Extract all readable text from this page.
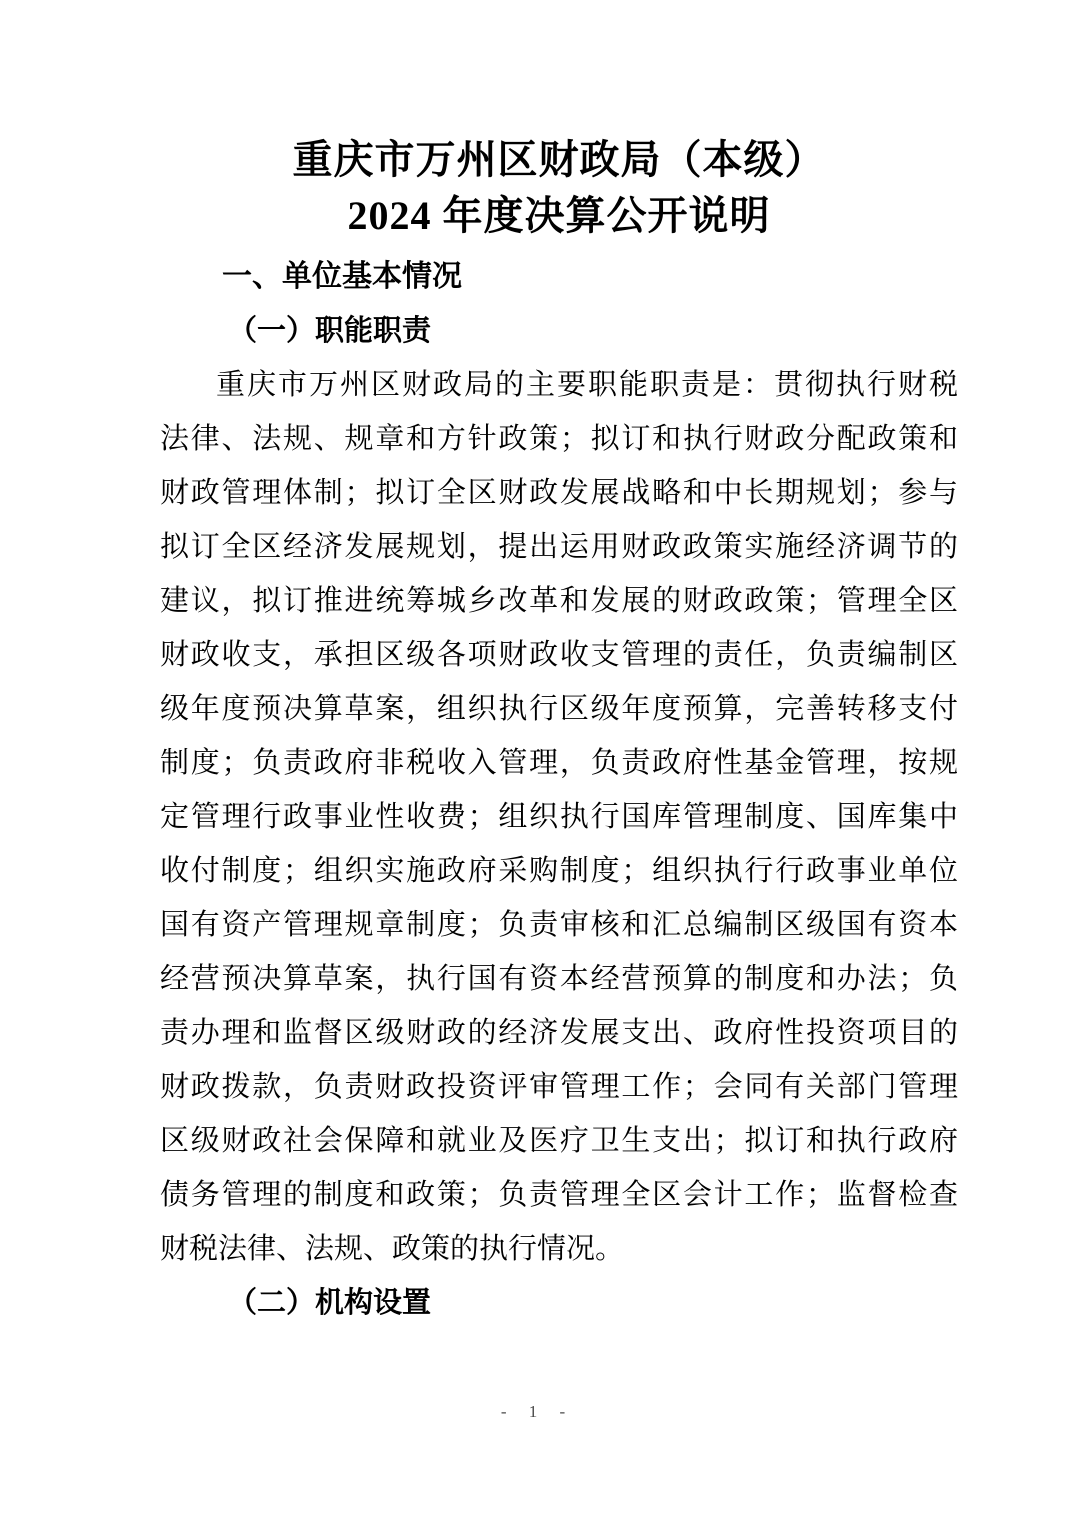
重庆市万州区财政局（本级）
2024 年度决算公开说明
一、单位基本情况
（一）职能职责
重庆市万州区财政局的主要职能职责是：贯彻执行财税
法律、法规、规章和方针政策；拟订和执行财政分配政策和
财政管理体制；拟订全区财政发展战略和中长期规划；参与
拟订全区经济发展规划，提出运用财政政策实施经济调节的
建议，拟订推进统筹城乡改革和发展的财政政策；管理全区
财政收支，承担区级各项财政收支管理的责任，负责编制区
级年度预决算草案，组织执行区级年度预算，完善转移支付
制度；负责政府非税收入管理，负责政府性基金管理，按规
定管理行政事业性收费；组织执行国库管理制度、国库集中
收付制度；组织实施政府采购制度；组织执行行政事业单位
国有资产管理规章制度；负责审核和汇总编制区级国有资本
经营预决算草案，执行国有资本经营预算的制度和办法；负
责办理和监督区级财政的经济发展支出、政府性投资项目的
财政拨款，负责财政投资评审管理工作；会同有关部门管理
区级财政社会保障和就业及医疗卫生支出；拟订和执行政府
债务管理的制度和政策；负责管理全区会计工作；监督检查
财税法律、法规、政策的执行情况。
（二）机构设置
- 1 -
